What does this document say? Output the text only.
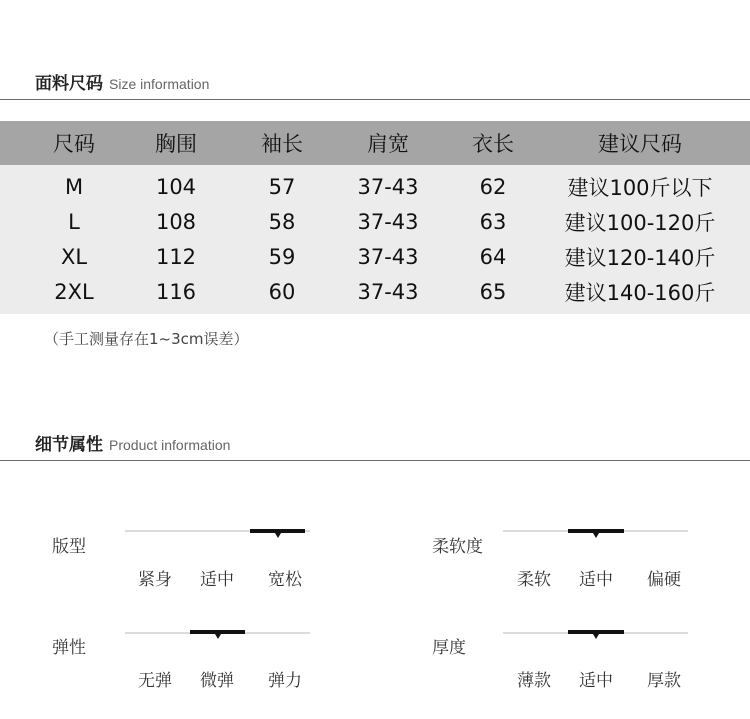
面料尺码 Size information
尺码	胸围	袖长	肩宽	衣长	建议尺码
M	104	57	37-43	62	建议100斤以下
L	108	58	37-43	63	建议100-120斤
XL	112	59	37-43	64	建议120-140斤
2XL	116	60	37-43	65	建议140-160斤
（手工测量存在1~3cm误差）
细节属性 Product information
版型
紧身	适中	宽松
柔软度
柔软	适中	偏硬
弹性
无弹	微弹	弹力
厚度
薄款	适中	厚款
